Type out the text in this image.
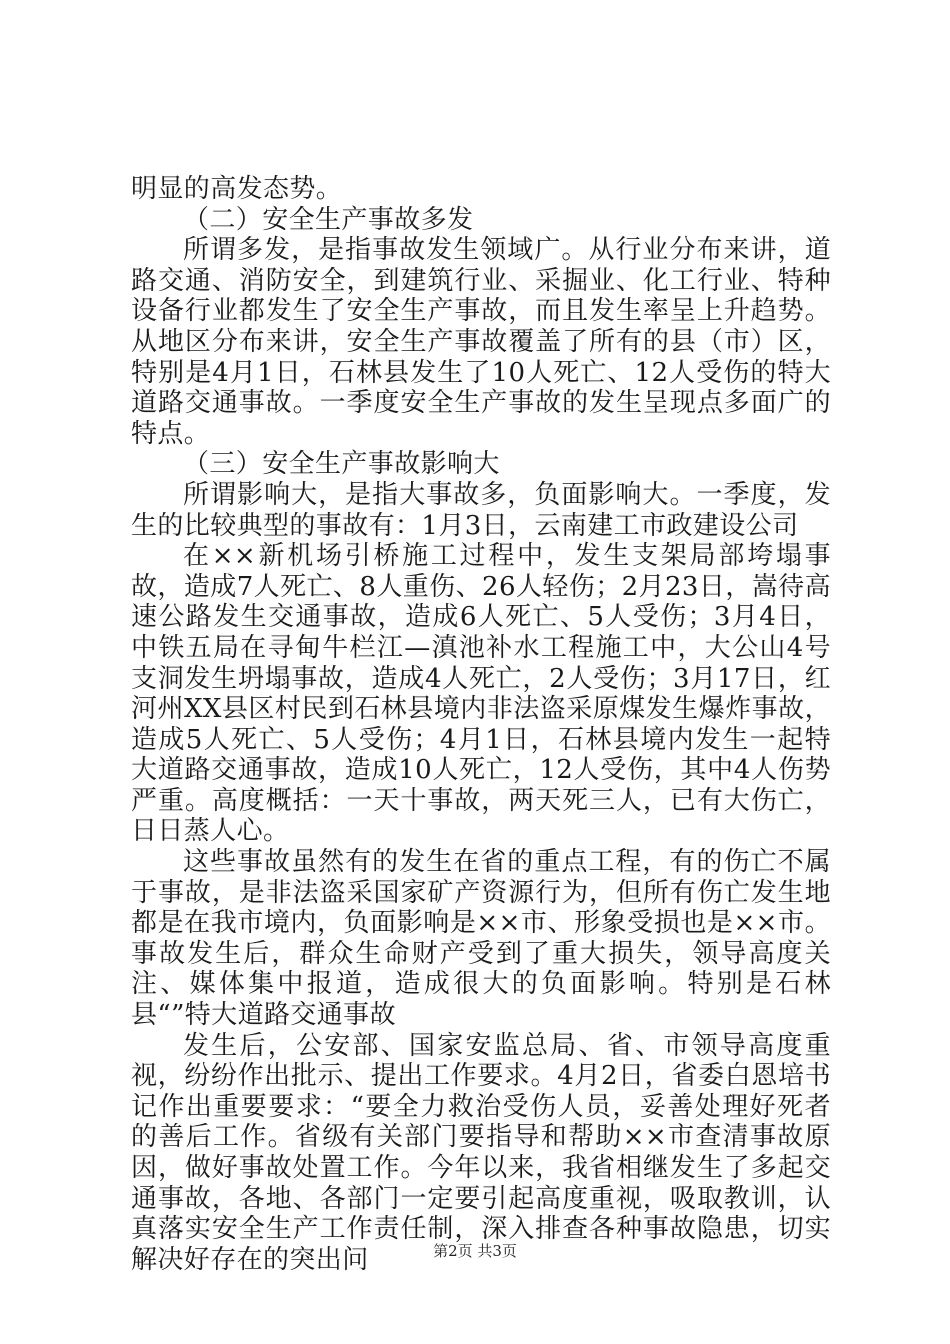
明显的高发态势。

（二）安全生产事故多发

所谓多发，是指事故发生领域广。从行业分布来讲，道路交通、消防安全，到建筑行业、采掘业、化工行业、特种设备行业都发生了安全生产事故，而且发生率呈上升趋势。从地区分布来讲，安全生产事故覆盖了所有的县（市）区，特别是4月1日，石林县发生了10人死亡、12人受伤的特大道路交通事故。一季度安全生产事故的发生呈现点多面广的特点。

（三）安全生产事故影响大

所谓影响大，是指大事故多，负面影响大。一季度，发生的比较典型的事故有：1月3日，云南建工市政建设公司

在××新机场引桥施工过程中，发生支架局部垮塌事故，造成7人死亡、8人重伤、26人轻伤；2月23日，嵩待高速公路发生交通事故，造成6人死亡、5人受伤；3月4日，中铁五局在寻甸牛栏江—滇池补水工程施工中，大公山4号支洞发生坍塌事故，造成4人死亡，2人受伤；3月17日，红河州XX县区村民到石林县境内非法盗采原煤发生爆炸事故，造成5人死亡、5人受伤；4月1日，石林县境内发生一起特大道路交通事故，造成10人死亡，12人受伤，其中4人伤势严重。高度概括：一天十事故，两天死三人，已有大伤亡，日日蒸人心。

这些事故虽然有的发生在省的重点工程，有的伤亡不属于事故，是非法盗采国家矿产资源行为，但所有伤亡发生地都是在我市境内，负面影响是××市、形象受损也是××市。事故发生后，群众生命财产受到了重大损失，领导高度关注、媒体集中报道，造成很大的负面影响。特别是石林县“”特大道路交通事故

发生后，公安部、国家安监总局、省、市领导高度重视，纷纷作出批示、提出工作要求。4月2日，省委白恩培书记作出重要要求：“要全力救治受伤人员，妥善处理好死者的善后工作。省级有关部门要指导和帮助××市查清事故原因，做好事故处置工作。今年以来，我省相继发生了多起交通事故，各地、各部门一定要引起高度重视，吸取教训，认真落实安全生产工作责任制，深入排查各种事故隐患，切实解决好存在的突出问	第2页 共3页
